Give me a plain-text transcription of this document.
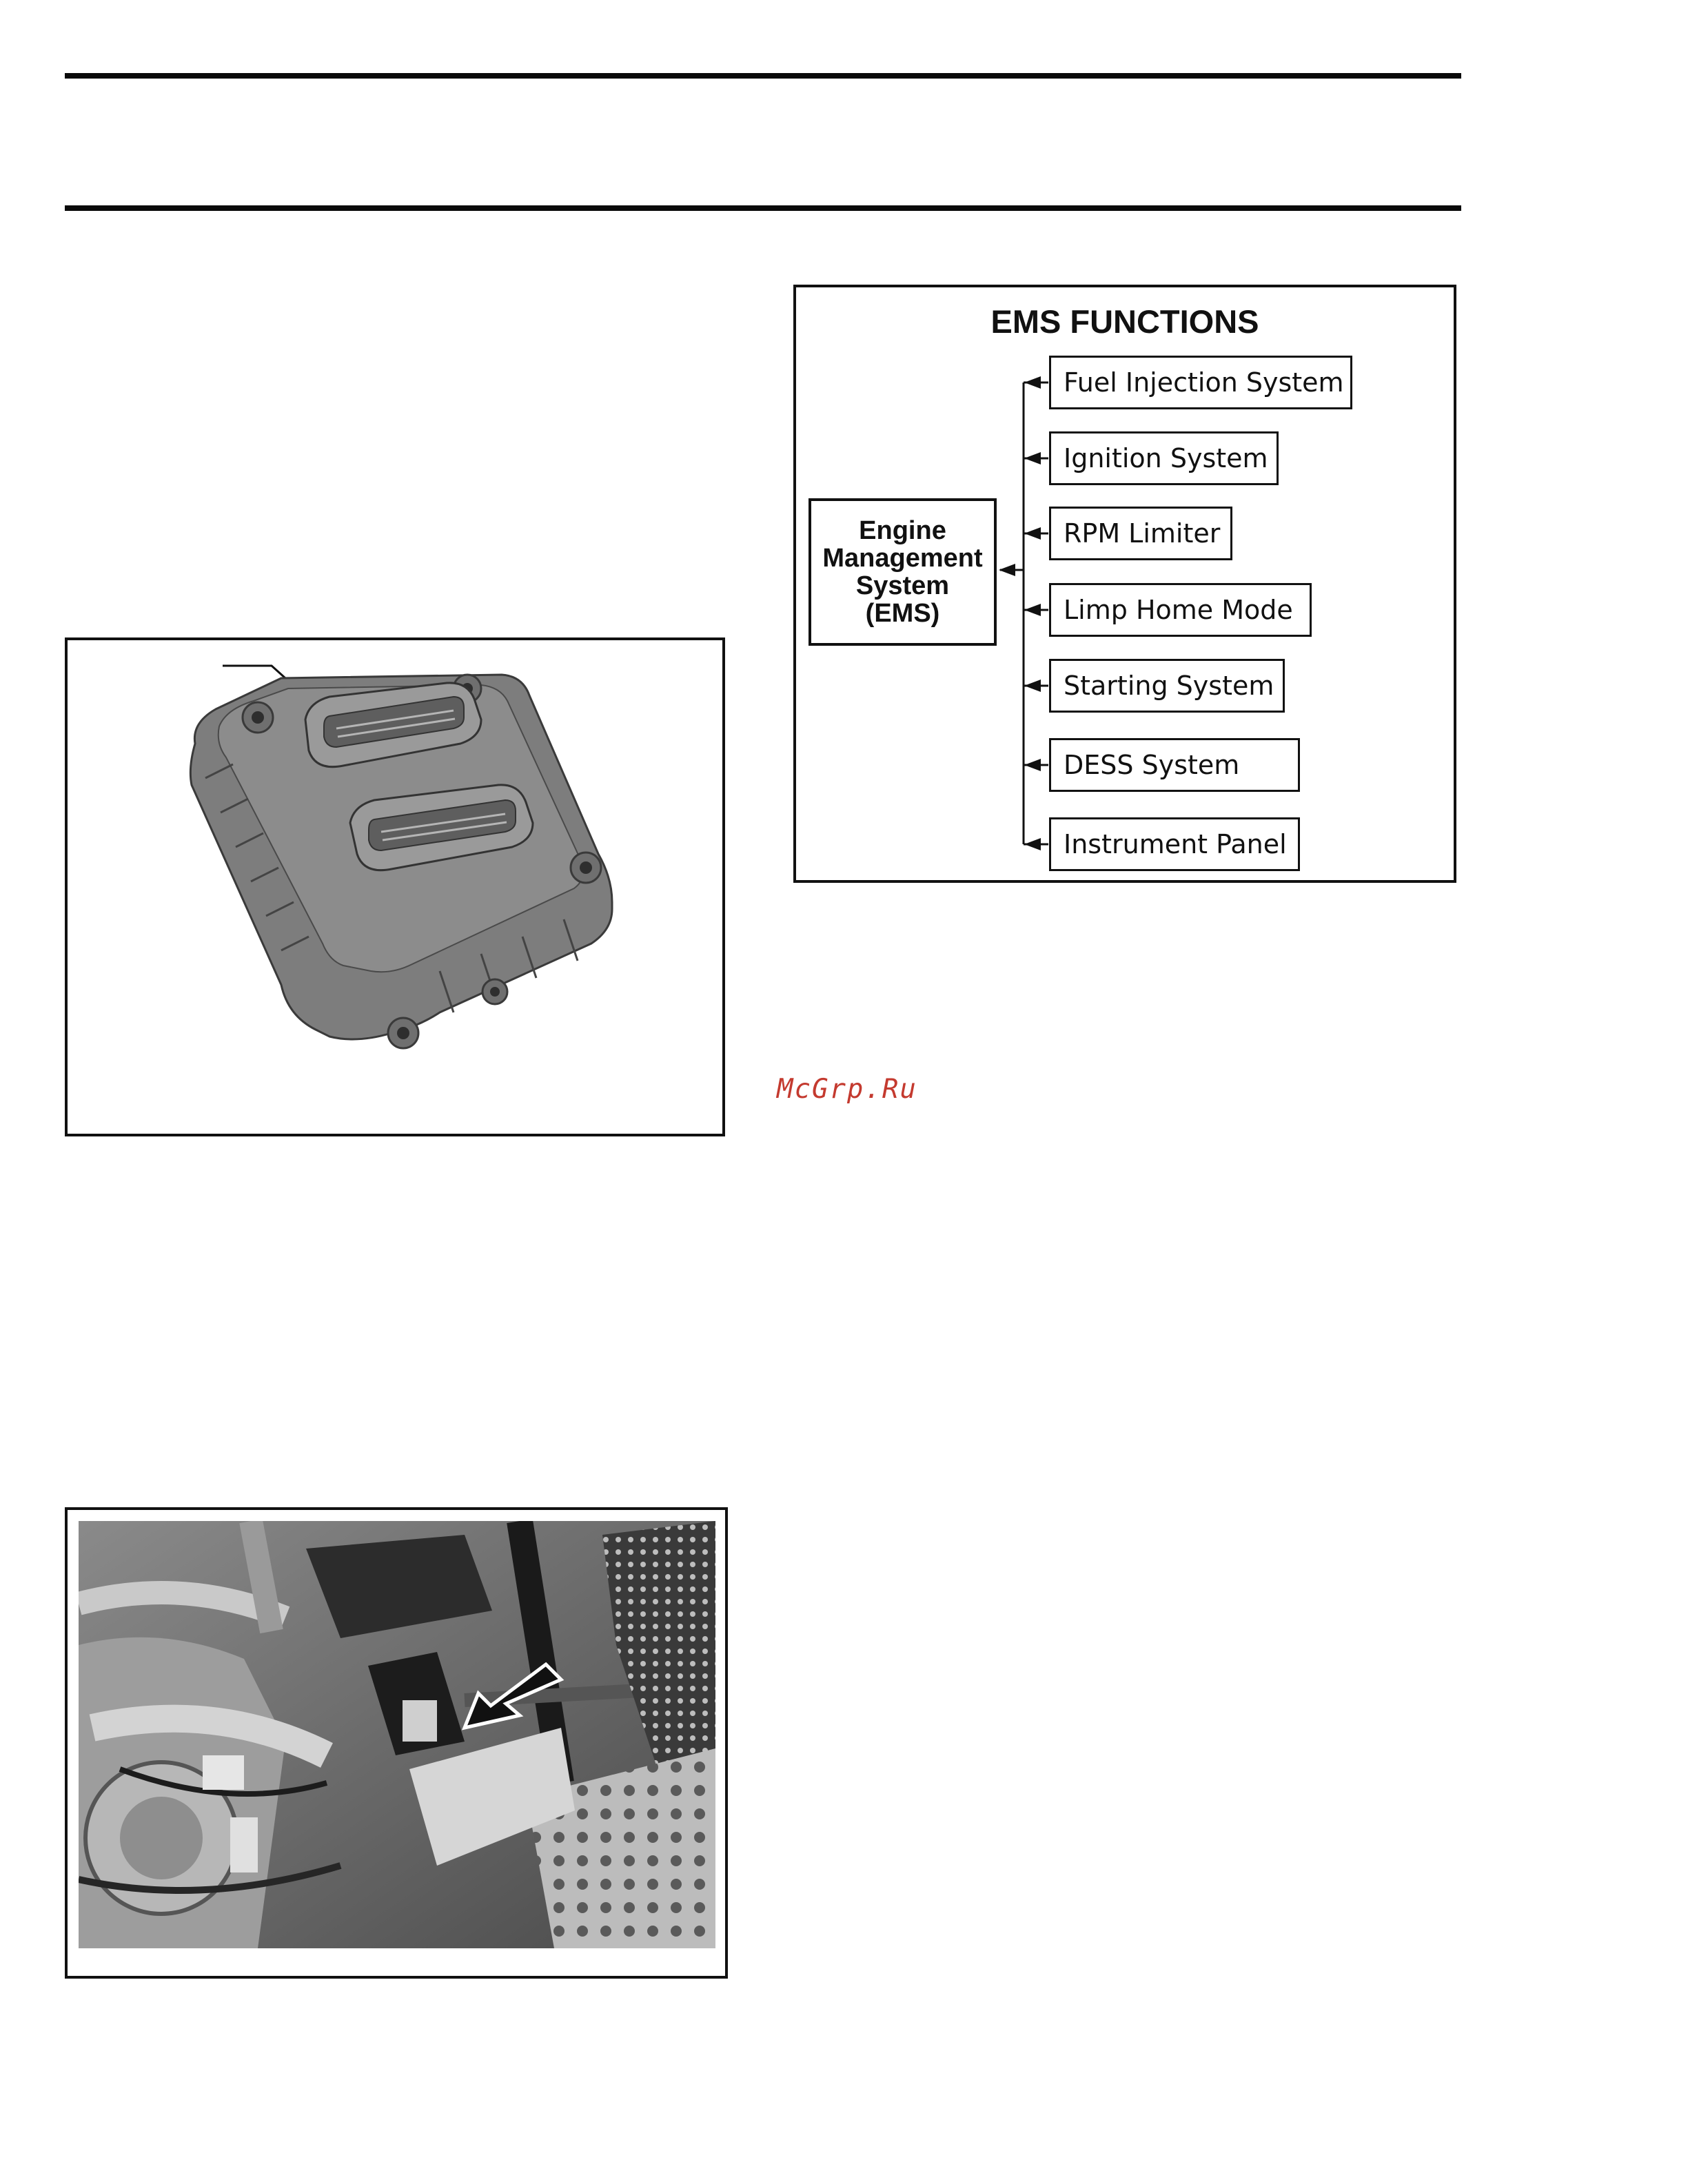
EMS FUNCTIONS
Engine
Management
System
(EMS)
Fuel Injection System
Ignition System
RPM Limiter
Limp Home Mode
Starting System
DESS System
Instrument Panel
McGrp.Ru
